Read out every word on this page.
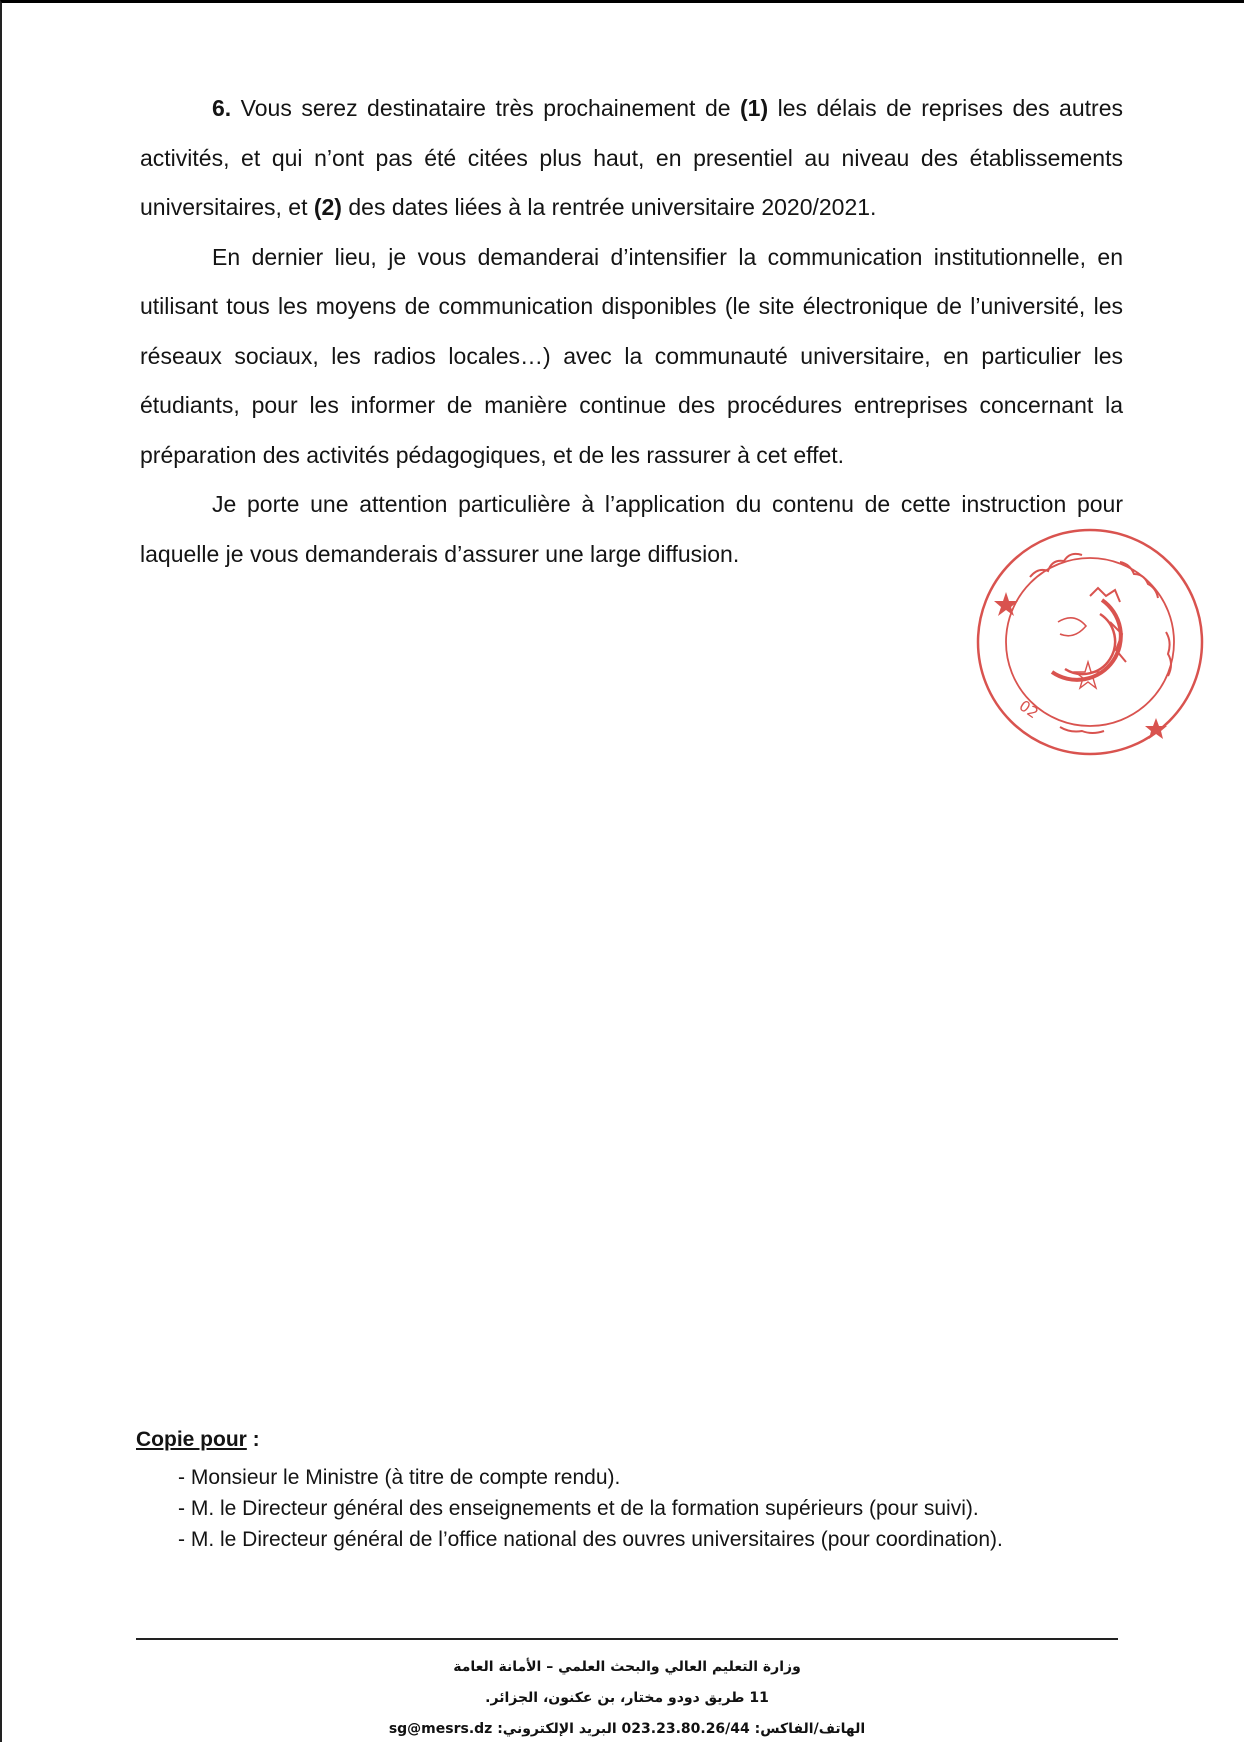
6. Vous serez destinataire très prochainement de (1) les délais de reprises des autres activités, et qui n’ont pas été citées plus haut, en presentiel au niveau des établissements universitaires, et (2) des dates liées à la rentrée universitaire 2020/2021.

En dernier lieu, je vous demanderai d’intensifier la communication institutionnelle, en utilisant tous les moyens de communication disponibles (le site électronique de l’université, les réseaux sociaux, les radios locales…) avec la communauté universitaire, en particulier les étudiants, pour les informer de manière continue des procédures entreprises concernant la préparation des activités pédagogiques, et de les rassurer à cet effet.

Je porte une attention particulière à l’application du contenu de cette instruction pour laquelle je vous demanderais d’assurer une large diffusion.

02
وزارة التعليم العالي والبحث العلمي - الجمهورية الجزائرية الديمقراطية الشعبية
Copie pour :
- Monsieur le Ministre (à titre de compte rendu).
- M. le Directeur général des enseignements et de la formation supérieurs (pour suivi).
- M. le Directeur général de l’office national des ouvres universitaires (pour coordination).
وزارة التعليم العالي والبحث العلمي – الأمانة العامة
11 طريق دودو مختار، بن عكنون، الجزائر.
الهاتف/الفاكس: 023.23.80.26/44 البريد الإلكتروني: sg@mesrs.dz
